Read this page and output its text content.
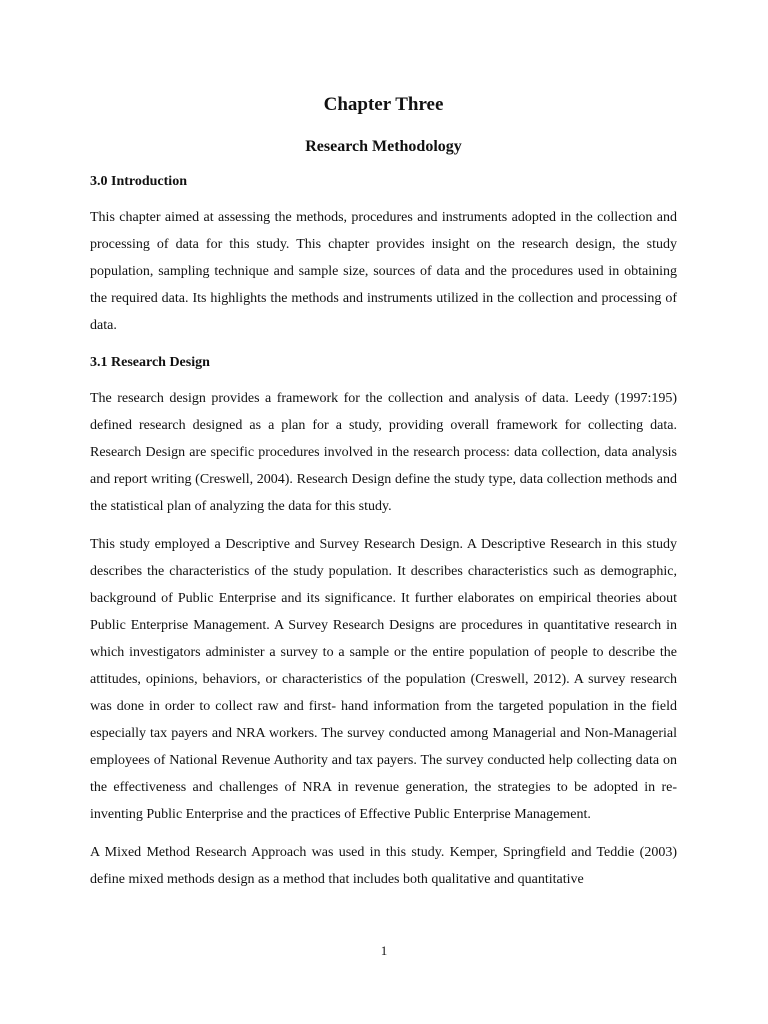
Chapter Three
Research Methodology
3.0 Introduction

This chapter aimed at assessing the methods, procedures and instruments adopted in the collection and processing of data for this study. This chapter provides insight on the research design, the study population, sampling technique and sample size, sources of data and the procedures used in obtaining the required data. Its highlights the methods and instruments utilized in the collection and processing of data.

3.1 Research Design

The research design provides a framework for the collection and analysis of data. Leedy (1997:195) defined research designed as a plan for a study, providing overall framework for collecting data. Research Design are specific procedures involved in the research process: data collection, data analysis and report writing (Creswell, 2004). Research Design define the study type, data collection methods and the statistical plan of analyzing the data for this study.

This study employed a Descriptive and Survey Research Design. A Descriptive Research in this study describes the characteristics of the study population. It describes characteristics such as demographic, background of Public Enterprise and its significance. It further elaborates on empirical theories about Public Enterprise Management. A Survey Research Designs are procedures in quantitative research in which investigators administer a survey to a sample or the entire population of people to describe the attitudes, opinions, behaviors, or characteristics of the population (Creswell, 2012). A survey research was done in order to collect raw and first- hand information from the targeted population in the field especially tax payers and NRA workers. The survey conducted among Managerial and Non-Managerial employees of National Revenue Authority and tax payers. The survey conducted help collecting data on the effectiveness and challenges of NRA in revenue generation, the strategies to be adopted in re-inventing Public Enterprise and the practices of Effective Public Enterprise Management.

A Mixed Method Research Approach was used in this study. Kemper, Springfield and Teddie (2003) define mixed methods design as a method that includes both qualitative and quantitative

1
